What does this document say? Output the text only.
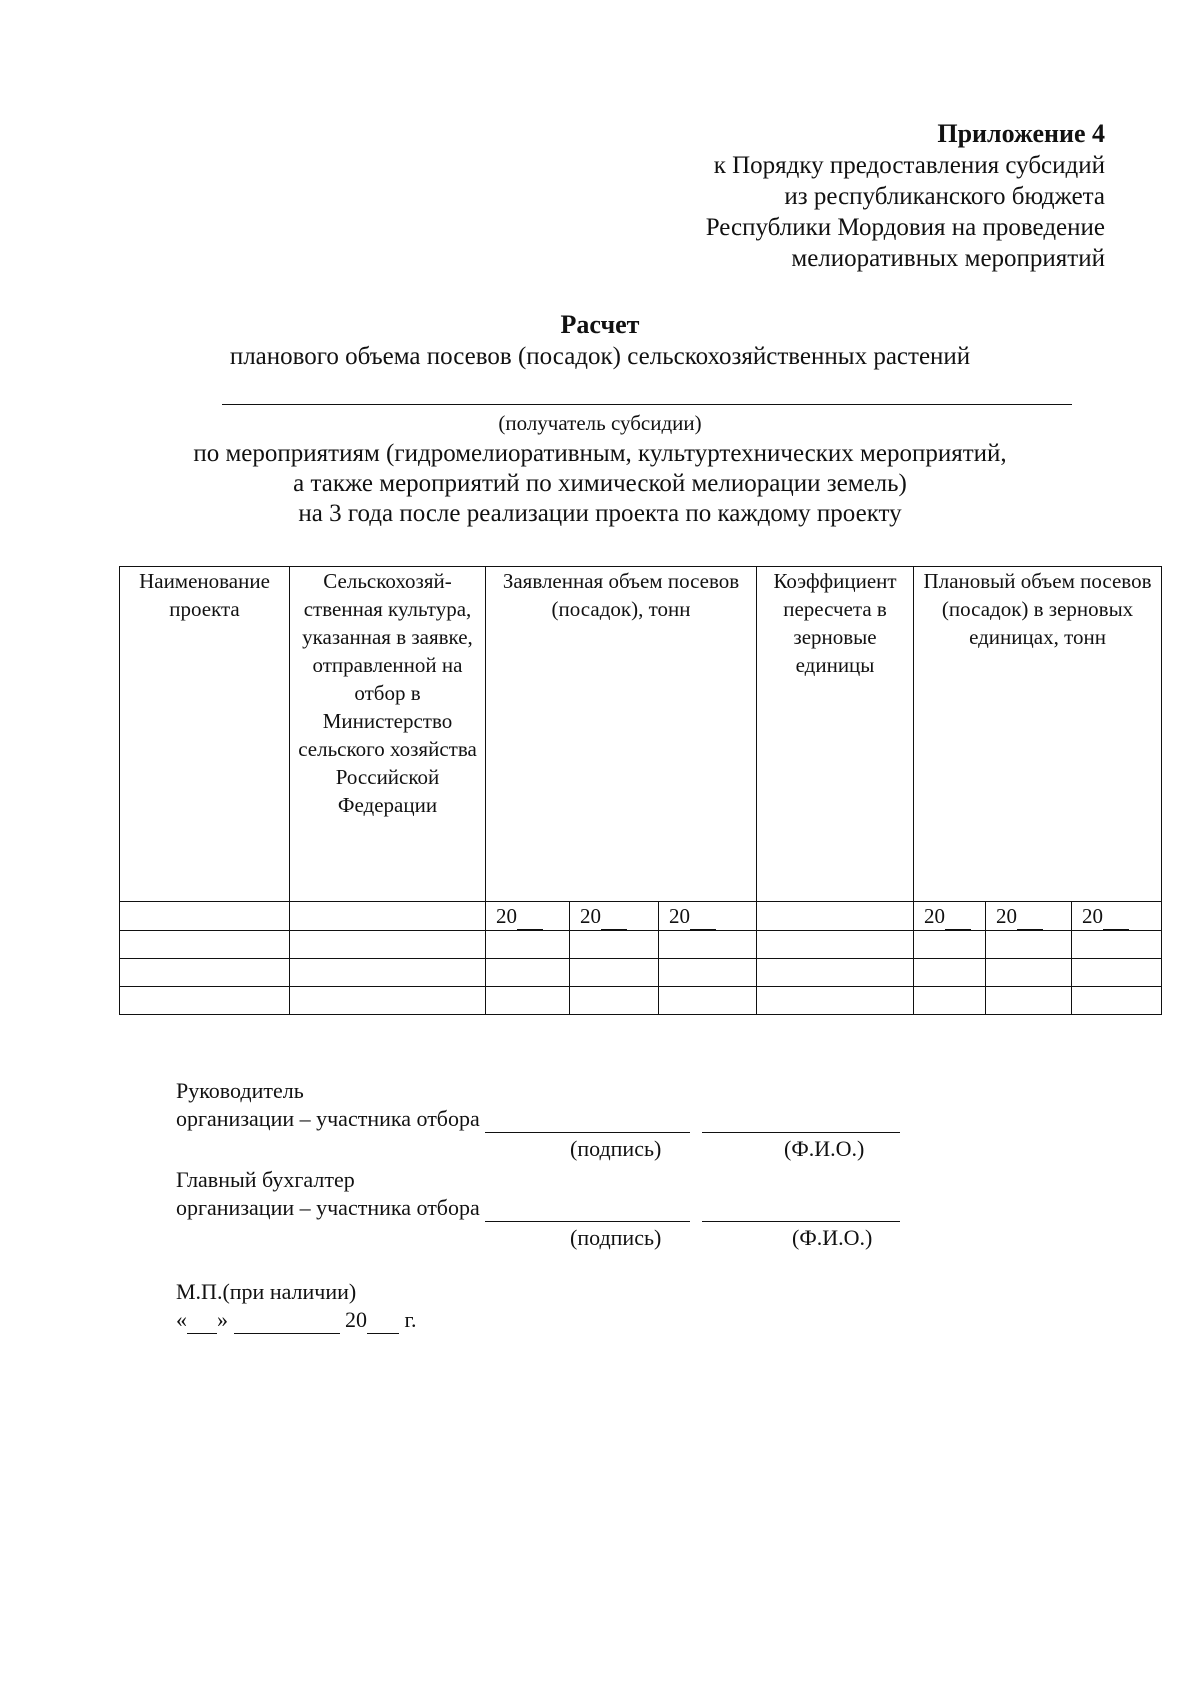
Приложение 4
к Порядку предоставления субсидий
из республиканского бюджета
Республики Мордовия на проведение
мелиоративных мероприятий
Расчет
планового объема посевов (посадок) сельскохозяйственных растений
(получатель субсидии)
по мероприятиям (гидромелиоративным, культуртехнических мероприятий,
а также мероприятий по химической мелиорации земель)
на 3 года после реализации проекта по каждому проекту
Наименование проекта	Сельскохозяй-ственная культура, указанная в заявке, отправленной на отбор в Министерство сельского хозяйства Российской Федерации	Заявленная объем посевов (посадок), тонн			Коэффициент пересчета в зерновые единицы	Плановый объем посевов (посадок) в зерновых единицах, тонн		
		20	20	20		20	20	20

Руководитель
организации – участника отбора
(подпись)	(Ф.И.О.)
Главный бухгалтер
организации – участника отбора
(подпись)	(Ф.И.О.)
М.П.(при наличии)
« »	20 г.
